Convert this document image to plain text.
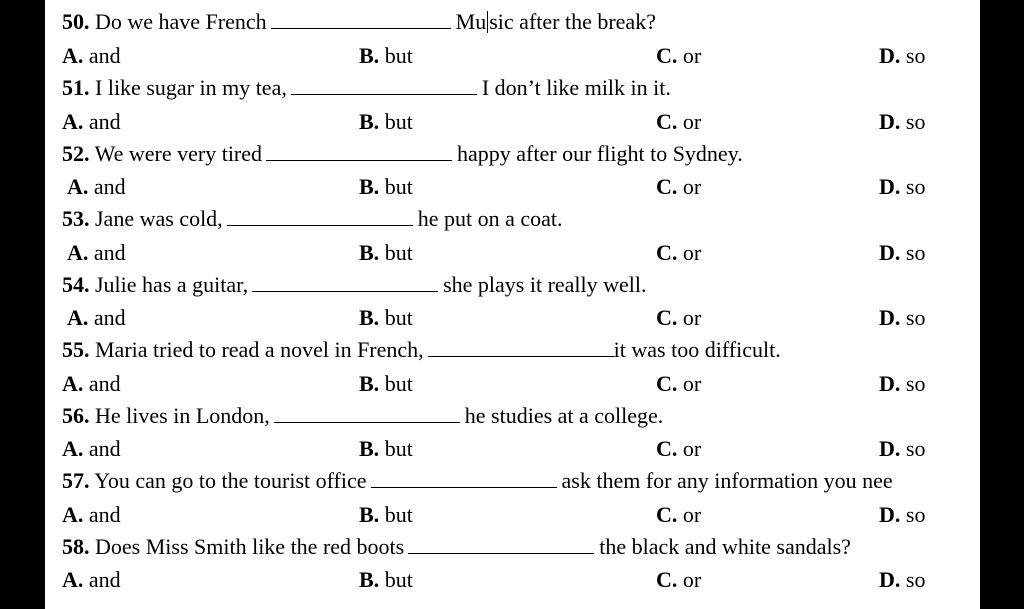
50. Do we have French	Mu sic after the break?
A. and	B. but	C. or	D. so
51. I like sugar in my tea,	I don’t like milk in it.
A. and	B. but	C. or	D. so
52. We were very tired	happy after our flight to Sydney.
A. and	B. but	C. or	D. so
53. Jane was cold,	he put on a coat.
A. and	B. but	C. or	D. so
54. Julie has a guitar,	she plays it really well.
A. and	B. but	C. or	D. so
55. Maria tried to read a novel in French,	it was too difficult.
A. and	B. but	C. or	D. so
56. He lives in London,	he studies at a college.
A. and	B. but	C. or	D. so
57. You can go to the tourist office	ask them for any information you nee
A. and	B. but	C. or	D. so
58. Does Miss Smith like the red boots	the black and white sandals?
A. and	B. but	C. or	D. so
